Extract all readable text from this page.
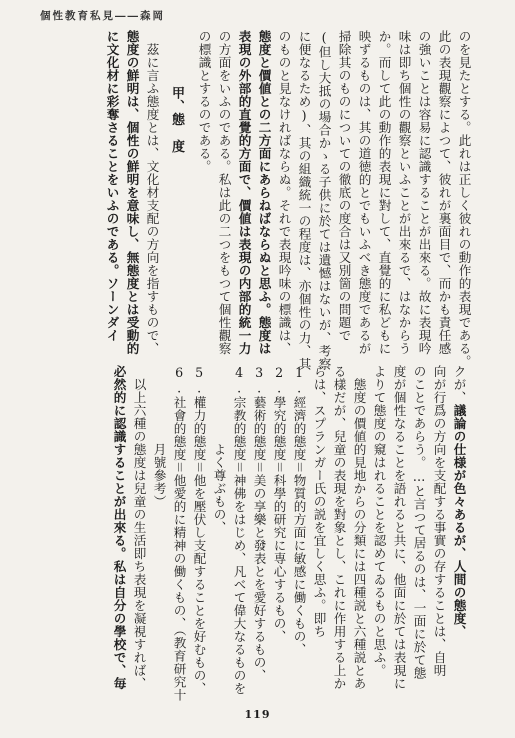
個性教育私見――森岡
のを見たとする。此れは正しく彼れの動作的表現である。
此の表現觀察によつて、彼れが裏面目で、而かも責任感
の強いことは容易に認識することが出來る。故に表現吟
味は即ち個性の觀察といふことが出來るで、はなからう
か。而して此の動作的表現に對して、直覺的に私どもに
映ずるものは、其の道徳的とでもいふべき態度であるが
掃除其のものについての徹底の度合は又別箇の問題で
(但し大抵の場合かゝる子供に於ては遺憾はないが、考察
に便なるため)、其の組織統一の程度は、亦個性の力、其
のものと見なければならぬ。それで表現吟味の標識は、
態度と價値との二方面にあらねばならぬと思ふ。態度は
表現の外部的直覺的方面で、價値は表現の内部的統一力
の方面をいふのである。私は此の二つをもつて個性觀察
の標識とするのである。
甲、態　度
　茲に言ふ態度とは、文化材支配の方向を指すもので、
態度の鮮明は、個性の鮮明を意味し、無態度とは受動的
に文化材に彩奪さることをいふのである。ソーンダイ
クが、議論の仕様が色々あるが、人間の態度、
向が行爲の方向を支配する事實の存することは、自明
のことであらう。…と言つて居るのは、一面に於て態
度が個性なることを語れると共に、他面に於ては表現に
よりて態度の窺はれることを認めてゐるものと思ふ。
　態度の價値的見地からの分類には四種説と六種説とあ
る樣だが、兒童の表現を對象とし、これに作用する上か
らは、スプランガー氏の説を宜しく思ふ。即ち
1.經濟的態度＝物質的方面に敏感に働くもの、
2.學究的態度＝科學的研究に専心するもの、
3.藝術的態度＝美の享樂と發表とを愛好するもの、
4.宗教的態度＝神佛をはじめ、凡べて偉大なるものを
　　　　　　よく尊ぶもの、
5.權力的態度＝他を壓伏し支配することを好むもの、
6.社會的態度＝他愛的に精神の働くもの、（教育研究十
　　　　　　月號參考）
　以上六種の態度は兒童の生活即ち表現を凝視すれば、
必然的に認識することが出來る。私は自分の學校で、毎
119
